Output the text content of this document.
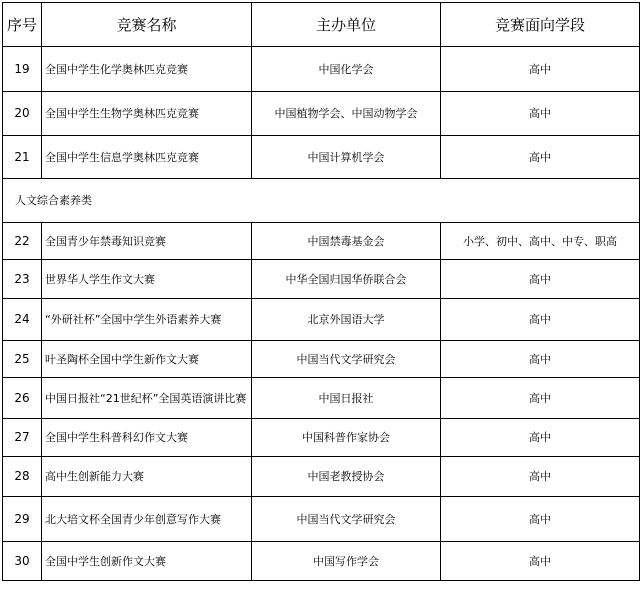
序号	竞赛名称	主办单位	竞赛面向学段
19	全国中学生化学奥林匹克竞赛	中国化学会	高中
20	全国中学生生物学奥林匹克竞赛	中国植物学会、中国动物学会	高中
21	全国中学生信息学奥林匹克竞赛	中国计算机学会	高中
人文综合素养类			
22	全国青少年禁毒知识竞赛	中国禁毒基金会	小学、初中、高中、中专、职高
23	世界华人学生作文大赛	中华全国归国华侨联合会	高中
24	“外研社杯”全国中学生外语素养大赛	北京外国语大学	高中
25	叶圣陶杯全国中学生新作文大赛	中国当代文学研究会	高中
26	中国日报社“21世纪杯”全国英语演讲比赛	中国日报社	高中
27	全国中学生科普科幻作文大赛	中国科普作家协会	高中
28	高中生创新能力大赛	中国老教授协会	高中
29	北大培文杯全国青少年创意写作大赛	中国当代文学研究会	高中
30	全国中学生创新作文大赛	中国写作学会	高中
